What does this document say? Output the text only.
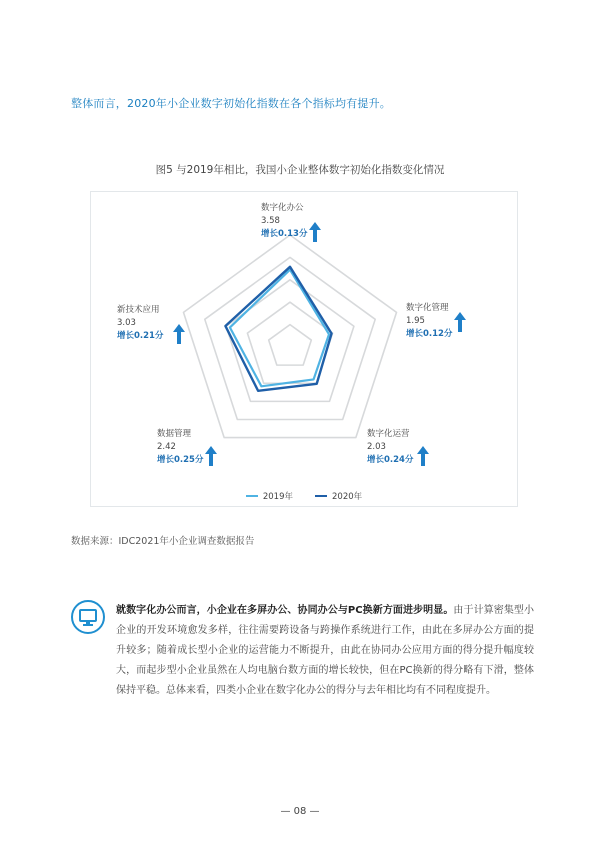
整体而言，2020年小企业数字初始化指数在各个指标均有提升。
图5 与2019年相比，我国小企业整体数字初始化指数变化情况
数字化办公
3.58
增长0.13分
数字化管理
1.95
增长0.12分
数字化运营
2.03
增长0.24分
数据管理
2.42
增长0.25分
新技术应用
3.03
增长0.21分
2019年	2020年
数据来源：IDC2021年小企业调查数据报告
就数字化办公而言，小企业在多屏办公、协同办公与PC换新方面进步明显。由于计算密集型小企业的开发环境愈发多样，往往需要跨设备与跨操作系统进行工作，由此在多屏办公方面的提升较多；随着成长型小企业的运营能力不断提升，由此在协同办公应用方面的得分提升幅度较大，而起步型小企业虽然在人均电脑台数方面的增长较快，但在PC换新的得分略有下滑，整体保持平稳。总体来看，四类小企业在数字化办公的得分与去年相比均有不同程度提升。
— 08 —
